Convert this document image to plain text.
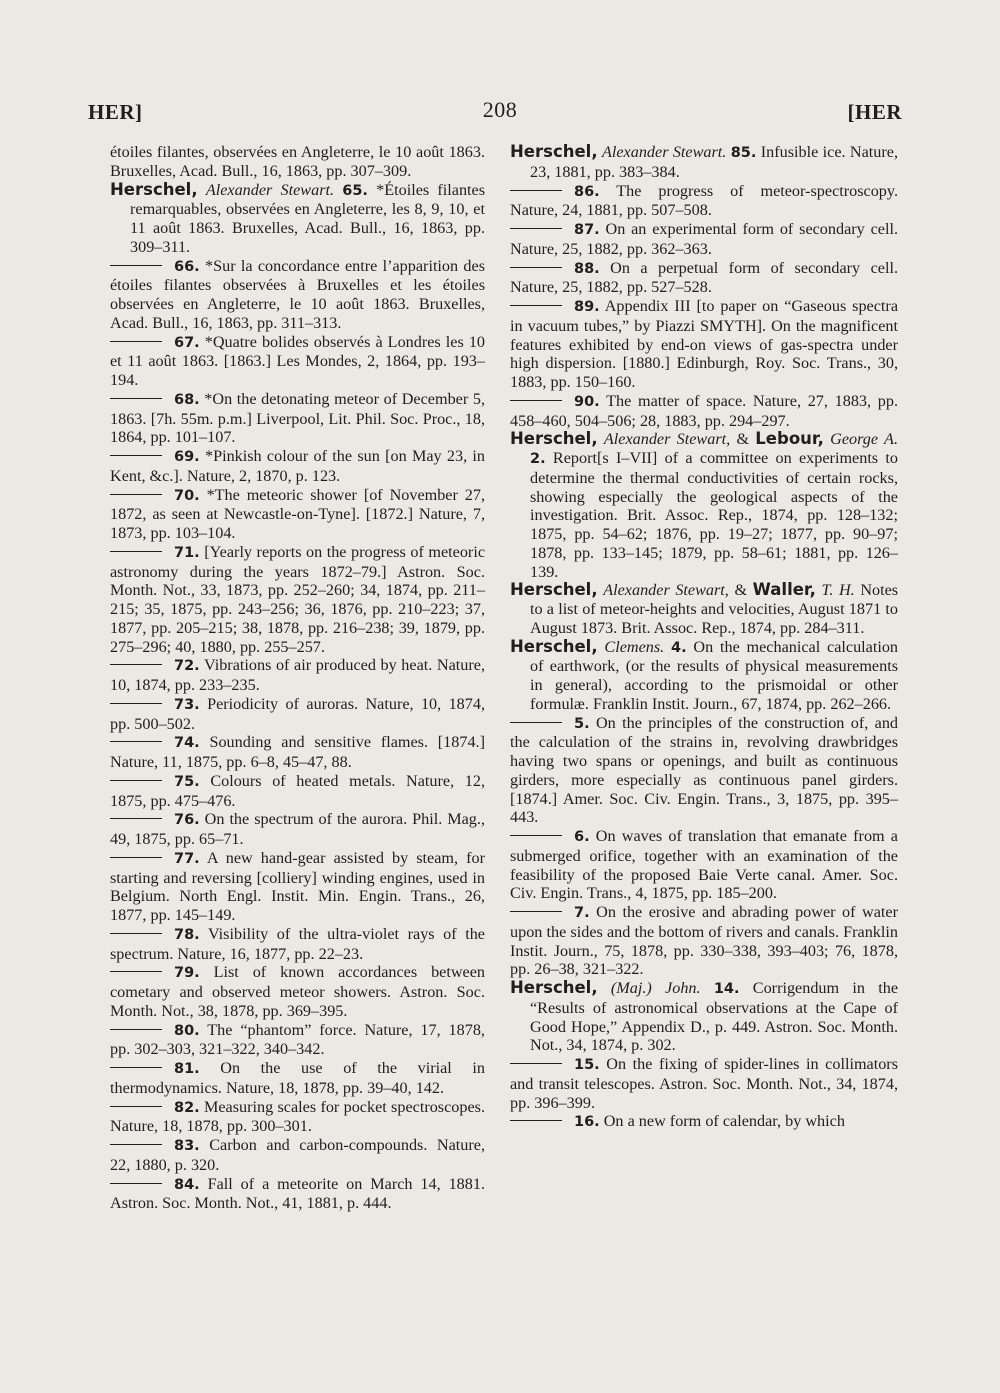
HER]	208	[HER

étoiles filantes, observées en Angleterre, le 10 août 1863. Bruxelles, Acad. Bull., 16, 1863, pp. 307–309.

Herschel, Alexander Stewart. 65. *Étoiles filantes remarquables, observées en Angleterre, les 8, 9, 10, et 11 août 1863. Bruxelles, Acad. Bull., 16, 1863, pp. 309–311.

66. *Sur la concordance entre l’apparition des étoiles filantes observées à Bruxelles et les étoiles observées en Angleterre, le 10 août 1863. Bruxelles, Acad. Bull., 16, 1863, pp. 311–313.

67. *Quatre bolides observés à Londres les 10 et 11 août 1863. [1863.] Les Mondes, 2, 1864, pp. 193–194.

68. *On the detonating meteor of December 5, 1863. [7h. 55m. p.m.] Liverpool, Lit. Phil. Soc. Proc., 18, 1864, pp. 101–107.

69. *Pinkish colour of the sun [on May 23, in Kent, &c.]. Nature, 2, 1870, p. 123.

70. *The meteoric shower [of November 27, 1872, as seen at Newcastle-on-Tyne]. [1872.] Nature, 7, 1873, pp. 103–104.

71. [Yearly reports on the progress of meteoric astronomy during the years 1872–79.] Astron. Soc. Month. Not., 33, 1873, pp. 252–260; 34, 1874, pp. 211–215; 35, 1875, pp. 243–256; 36, 1876, pp. 210–223; 37, 1877, pp. 205–215; 38, 1878, pp. 216–238; 39, 1879, pp. 275–296; 40, 1880, pp. 255–257.

72. Vibrations of air produced by heat. Nature, 10, 1874, pp. 233–235.

73. Periodicity of auroras. Nature, 10, 1874, pp. 500–502.

74. Sounding and sensitive flames. [1874.] Nature, 11, 1875, pp. 6–8, 45–47, 88.

75. Colours of heated metals. Nature, 12, 1875, pp. 475–476.

76. On the spectrum of the aurora. Phil. Mag., 49, 1875, pp. 65–71.

77. A new hand-gear assisted by steam, for starting and reversing [colliery] winding engines, used in Belgium. North Engl. Instit. Min. Engin. Trans., 26, 1877, pp. 145–149.

78. Visibility of the ultra-violet rays of the spectrum. Nature, 16, 1877, pp. 22–23.

79. List of known accordances between cometary and observed meteor showers. Astron. Soc. Month. Not., 38, 1878, pp. 369–395.

80. The “phantom” force. Nature, 17, 1878, pp. 302–303, 321–322, 340–342.

81. On the use of the virial in thermodynamics. Nature, 18, 1878, pp. 39–40, 142.

82. Measuring scales for pocket spectroscopes. Nature, 18, 1878, pp. 300–301.

83. Carbon and carbon-compounds. Nature, 22, 1880, p. 320.

84. Fall of a meteorite on March 14, 1881. Astron. Soc. Month. Not., 41, 1881, p. 444.

Herschel, Alexander Stewart. 85. Infusible ice. Nature, 23, 1881, pp. 383–384.

86. The progress of meteor-spectroscopy. Nature, 24, 1881, pp. 507–508.

87. On an experimental form of secondary cell. Nature, 25, 1882, pp. 362–363.

88. On a perpetual form of secondary cell. Nature, 25, 1882, pp. 527–528.

89. Appendix III [to paper on “Gaseous spectra in vacuum tubes,” by Piazzi SMYTH]. On the magnificent features exhibited by end-on views of gas-spectra under high dispersion. [1880.] Edinburgh, Roy. Soc. Trans., 30, 1883, pp. 150–160.

90. The matter of space. Nature, 27, 1883, pp. 458–460, 504–506; 28, 1883, pp. 294–297.

Herschel, Alexander Stewart, & Lebour, George A. 2. Report[s I–VII] of a committee on experiments to determine the thermal conductivities of certain rocks, showing especially the geological aspects of the investigation. Brit. Assoc. Rep., 1874, pp. 128–132; 1875, pp. 54–62; 1876, pp. 19–27; 1877, pp. 90–97; 1878, pp. 133–145; 1879, pp. 58–61; 1881, pp. 126–139.

Herschel, Alexander Stewart, & Waller, T. H. Notes to a list of meteor-heights and velocities, August 1871 to August 1873. Brit. Assoc. Rep., 1874, pp. 284–311.

Herschel, Clemens. 4. On the mechanical calculation of earthwork, (or the results of physical measurements in general), according to the prismoidal or other formulæ. Franklin Instit. Journ., 67, 1874, pp. 262–266.

5. On the principles of the construction of, and the calculation of the strains in, revolving drawbridges having two spans or openings, and built as continuous girders, more especially as continuous panel girders. [1874.] Amer. Soc. Civ. Engin. Trans., 3, 1875, pp. 395–443.

6. On waves of translation that emanate from a submerged orifice, together with an examination of the feasibility of the proposed Baie Verte canal. Amer. Soc. Civ. Engin. Trans., 4, 1875, pp. 185–200.

7. On the erosive and abrading power of water upon the sides and the bottom of rivers and canals. Franklin Instit. Journ., 75, 1878, pp. 330–338, 393–403; 76, 1878, pp. 26–38, 321–322.

Herschel, (Maj.) John. 14. Corrigendum in the “Results of astronomical observations at the Cape of Good Hope,” Appendix D., p. 449. Astron. Soc. Month. Not., 34, 1874, p. 302.

15. On the fixing of spider-lines in collimators and transit telescopes. Astron. Soc. Month. Not., 34, 1874, pp. 396–399.

16. On a new form of calendar, by which
